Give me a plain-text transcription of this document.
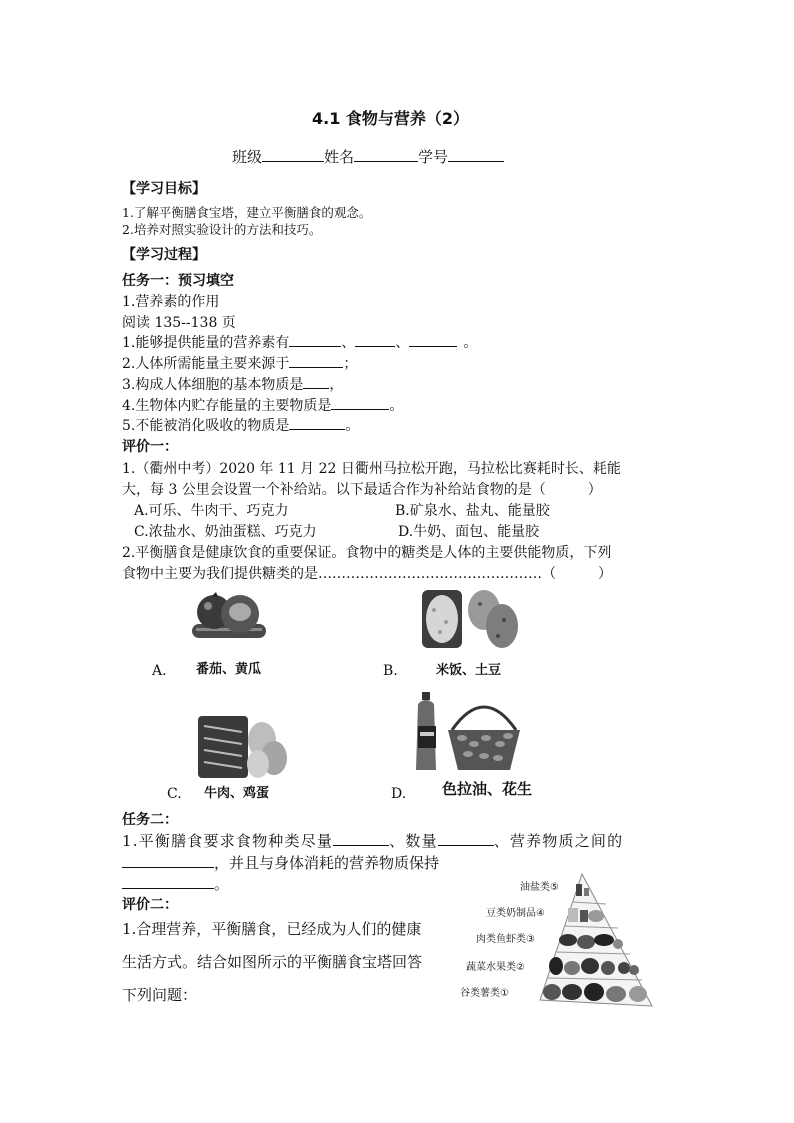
4.1 食物与营养（2）
班级	姓名	学号
【学习目标】
1.了解平衡膳食宝塔，建立平衡膳食的观念。
2.培养对照实验设计的方法和技巧。
【学习过程】
任务一：预习填空
1.营养素的作用
阅读 135--138 页
1.能够提供能量的营养素有	、	、	。
2.人体所需能量主要来源于	；
3.构成人体细胞的基本物质是 ，
4.生物体内贮存能量的主要物质是	。
5.不能被消化吸收的物质是	。
评价一：
1.（衢州中考）2020 年 11 月 22 日衢州马拉松开跑，马拉松比赛耗时长、耗能
大，每 3 公里会设置一个补给站。以下最适合作为补给站食物的是（　　　）
A.可乐、牛肉干、巧克力	B.矿泉水、盐丸、能量胶
C.浓盐水、奶油蛋糕、巧克力	D.牛奶、面包、能量胶
2.平衡膳食是健康饮食的重要保证。食物中的糖类是人体的主要供能物质，下列
食物中主要为我们提供糖类的是…………………………………………（　　　）
番茄、黄瓜
A.	米饭、土豆
B.
牛肉、鸡蛋
C.	色拉油、花生
D.
任务二：
1.平衡膳食要求食物种类尽量	、数量	、营养物质之间的
，并且与身体消耗的营养物质保持
。
评价二：
1.合理营养，平衡膳食，已经成为人们的健康
生活方式。结合如图所示的平衡膳食宝塔回答
下列问题：
油盐类⑤
豆类奶制品④
肉类鱼虾类③
蔬菜水果类②
谷类薯类①
